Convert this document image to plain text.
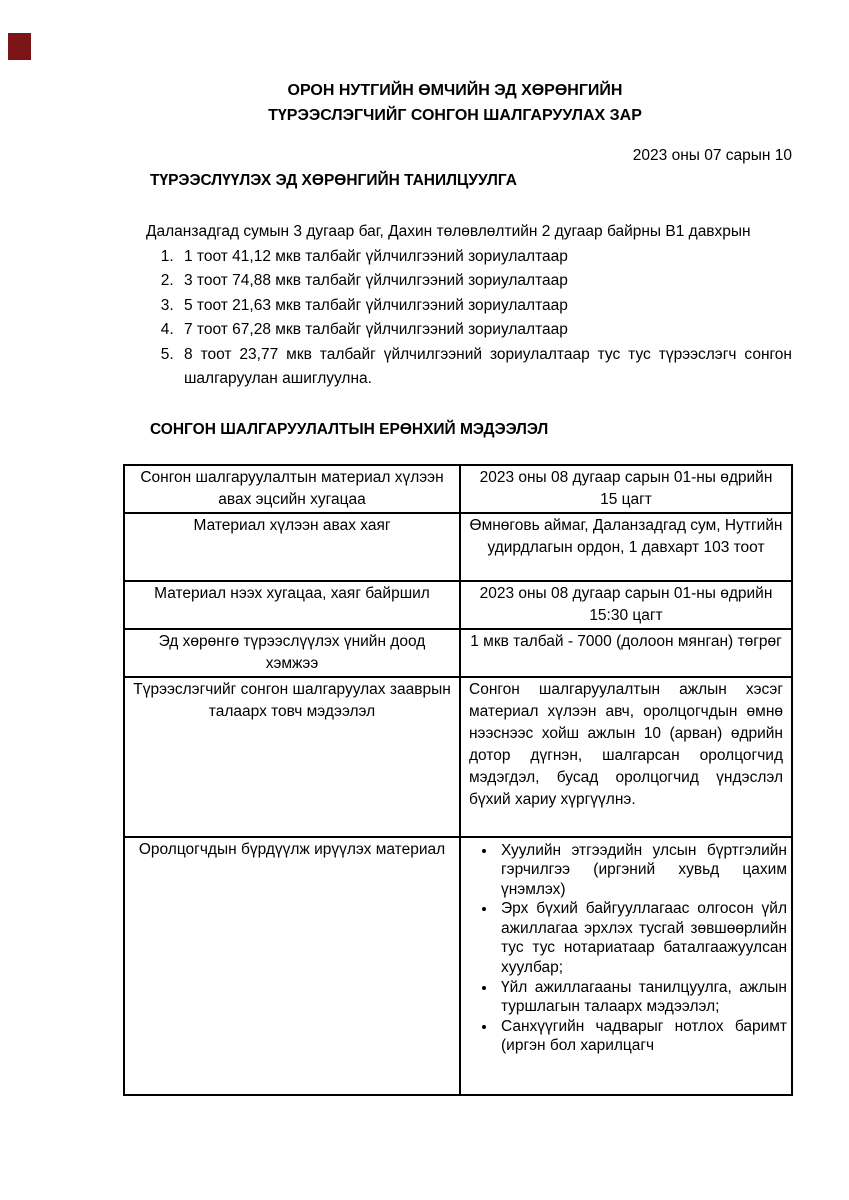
ОРОН НУТГИЙН ӨМЧИЙН ЭД ХӨРӨНГИЙН
ТҮРЭЭСЛЭГЧИЙГ СОНГОН ШАЛГАРУУЛАХ ЗАР
2023 оны 07 сарын 10
ТҮРЭЭСЛҮҮЛЭХ ЭД ХӨРӨНГИЙН ТАНИЛЦУУЛГА
Даланзадгад сумын 3 дугаар баг, Дахин төлөвлөлтийн 2 дугаар байрны В1 давхрын
1. 1 тоот 41,12 мкв талбайг үйлчилгээний зориулалтаар
2. 3 тоот 74,88 мкв талбайг үйлчилгээний зориулалтаар
3. 5 тоот 21,63 мкв талбайг үйлчилгээний зориулалтаар
4. 7 тоот 67,28 мкв талбайг үйлчилгээний зориулалтаар
5. 8 тоот 23,77 мкв талбайг үйлчилгээний зориулалтаар тус тус түрээслэгч сонгон шалгаруулан ашиглуулна.
СОНГОН ШАЛГАРУУЛАЛТЫН ЕРӨНХИЙ МЭДЭЭЛЭЛ
Сонгон шалгаруулалтын материал хүлээн авах эцсийн хугацаа	2023 оны 08 дугаар сарын 01-ны өдрийн 15 цагт
Материал хүлээн авах хаяг	Өмнөговь аймаг, Даланзадгад сум, Нутгийн удирдлагын ордон, 1 давхарт 103 тоот
Материал нээх хугацаа, хаяг байршил	2023 оны 08 дугаар сарын 01-ны өдрийн 15:30 цагт
Эд хөрөнгө түрээслүүлэх үнийн доод хэмжээ	1 мкв талбай - 7000 (долоон мянган) төгрөг
Түрээслэгчийг сонгон шалгаруулах зааврын талаарх товч мэдээлэл	Сонгон шалгаруулалтын ажлын хэсэг материал хүлээн авч, оролцогчдын өмнө нээснээс хойш ажлын 10 (арван) өдрийн дотор дүгнэн, шалгарсан оролцогчид мэдэгдэл, бусад оролцогчид үндэслэл бүхий хариу хүргүүлнэ.
Оролцогчдын бүрдүүлж ирүүлэх материал	
•Хуулийн этгээдийн улсын бүртгэлийн гэрчилгээ (иргэний хувьд цахим үнэмлэх)
• Эрх бүхий байгууллагаас олгосон үйл ажиллагаа эрхлэх тусгай зөвшөөрлийн тус тус нотариатаар баталгаажуулсан хуулбар;
• Үйл ажиллагааны танилцуулга, ажлын туршлагын талаарх мэдээлэл;
• Санхүүгийн чадварыг нотлох баримт (иргэн бол харилцагч
